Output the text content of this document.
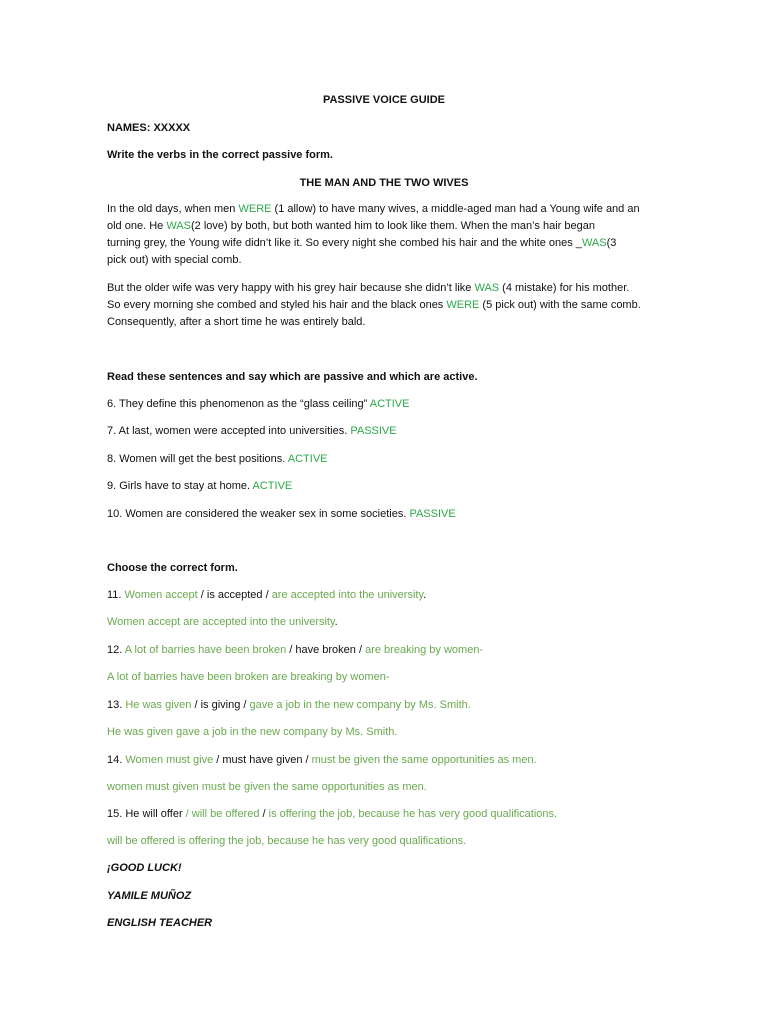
PASSIVE VOICE GUIDE
NAMES: XXXXX
Write the verbs in the correct passive form.
THE MAN AND THE TWO WIVES
In the old days, when men WERE (1 allow) to have many wives, a middle-aged man had a Young wife and an
old one. He WAS(2 love) by both, but both wanted him to look like them. When the man’s hair began
turning grey, the Young wife didn’t like it. So every night she combed his hair and the white ones _WAS(3
pick out) with special comb.
But the older wife was very happy with his grey hair because she didn’t like WAS (4 mistake) for his mother.
So every morning she combed and styled his hair and the black ones WERE (5 pick out) with the same comb.
Consequently, after a short time he was entirely bald.
Read these sentences and say which are passive and which are active.
6. They define this phenomenon as the “glass ceiling” ACTIVE
7. At last, women were accepted into universities. PASSIVE
8. Women will get the best positions. ACTIVE
9. Girls have to stay at home. ACTIVE
10. Women are considered the weaker sex in some societies. PASSIVE
Choose the correct form.
11. Women accept / is accepted / are accepted into the university.
Women accept are accepted into the university.
12. A lot of barries have been broken / have broken / are breaking by women-
A lot of barries have been broken are breaking by women-
13. He was given / is giving / gave a job in the new company by Ms. Smith.
He was given gave a job in the new company by Ms. Smith.
14. Women must give / must have given / must be given the same opportunities as men.
women must given must be given the same opportunities as men.
15. He will offer / will be offered / is offering the job, because he has very good qualifications.
will be offered is offering the job, because he has very good qualifications.
¡GOOD LUCK!
YAMILE MUÑOZ
ENGLISH TEACHER
